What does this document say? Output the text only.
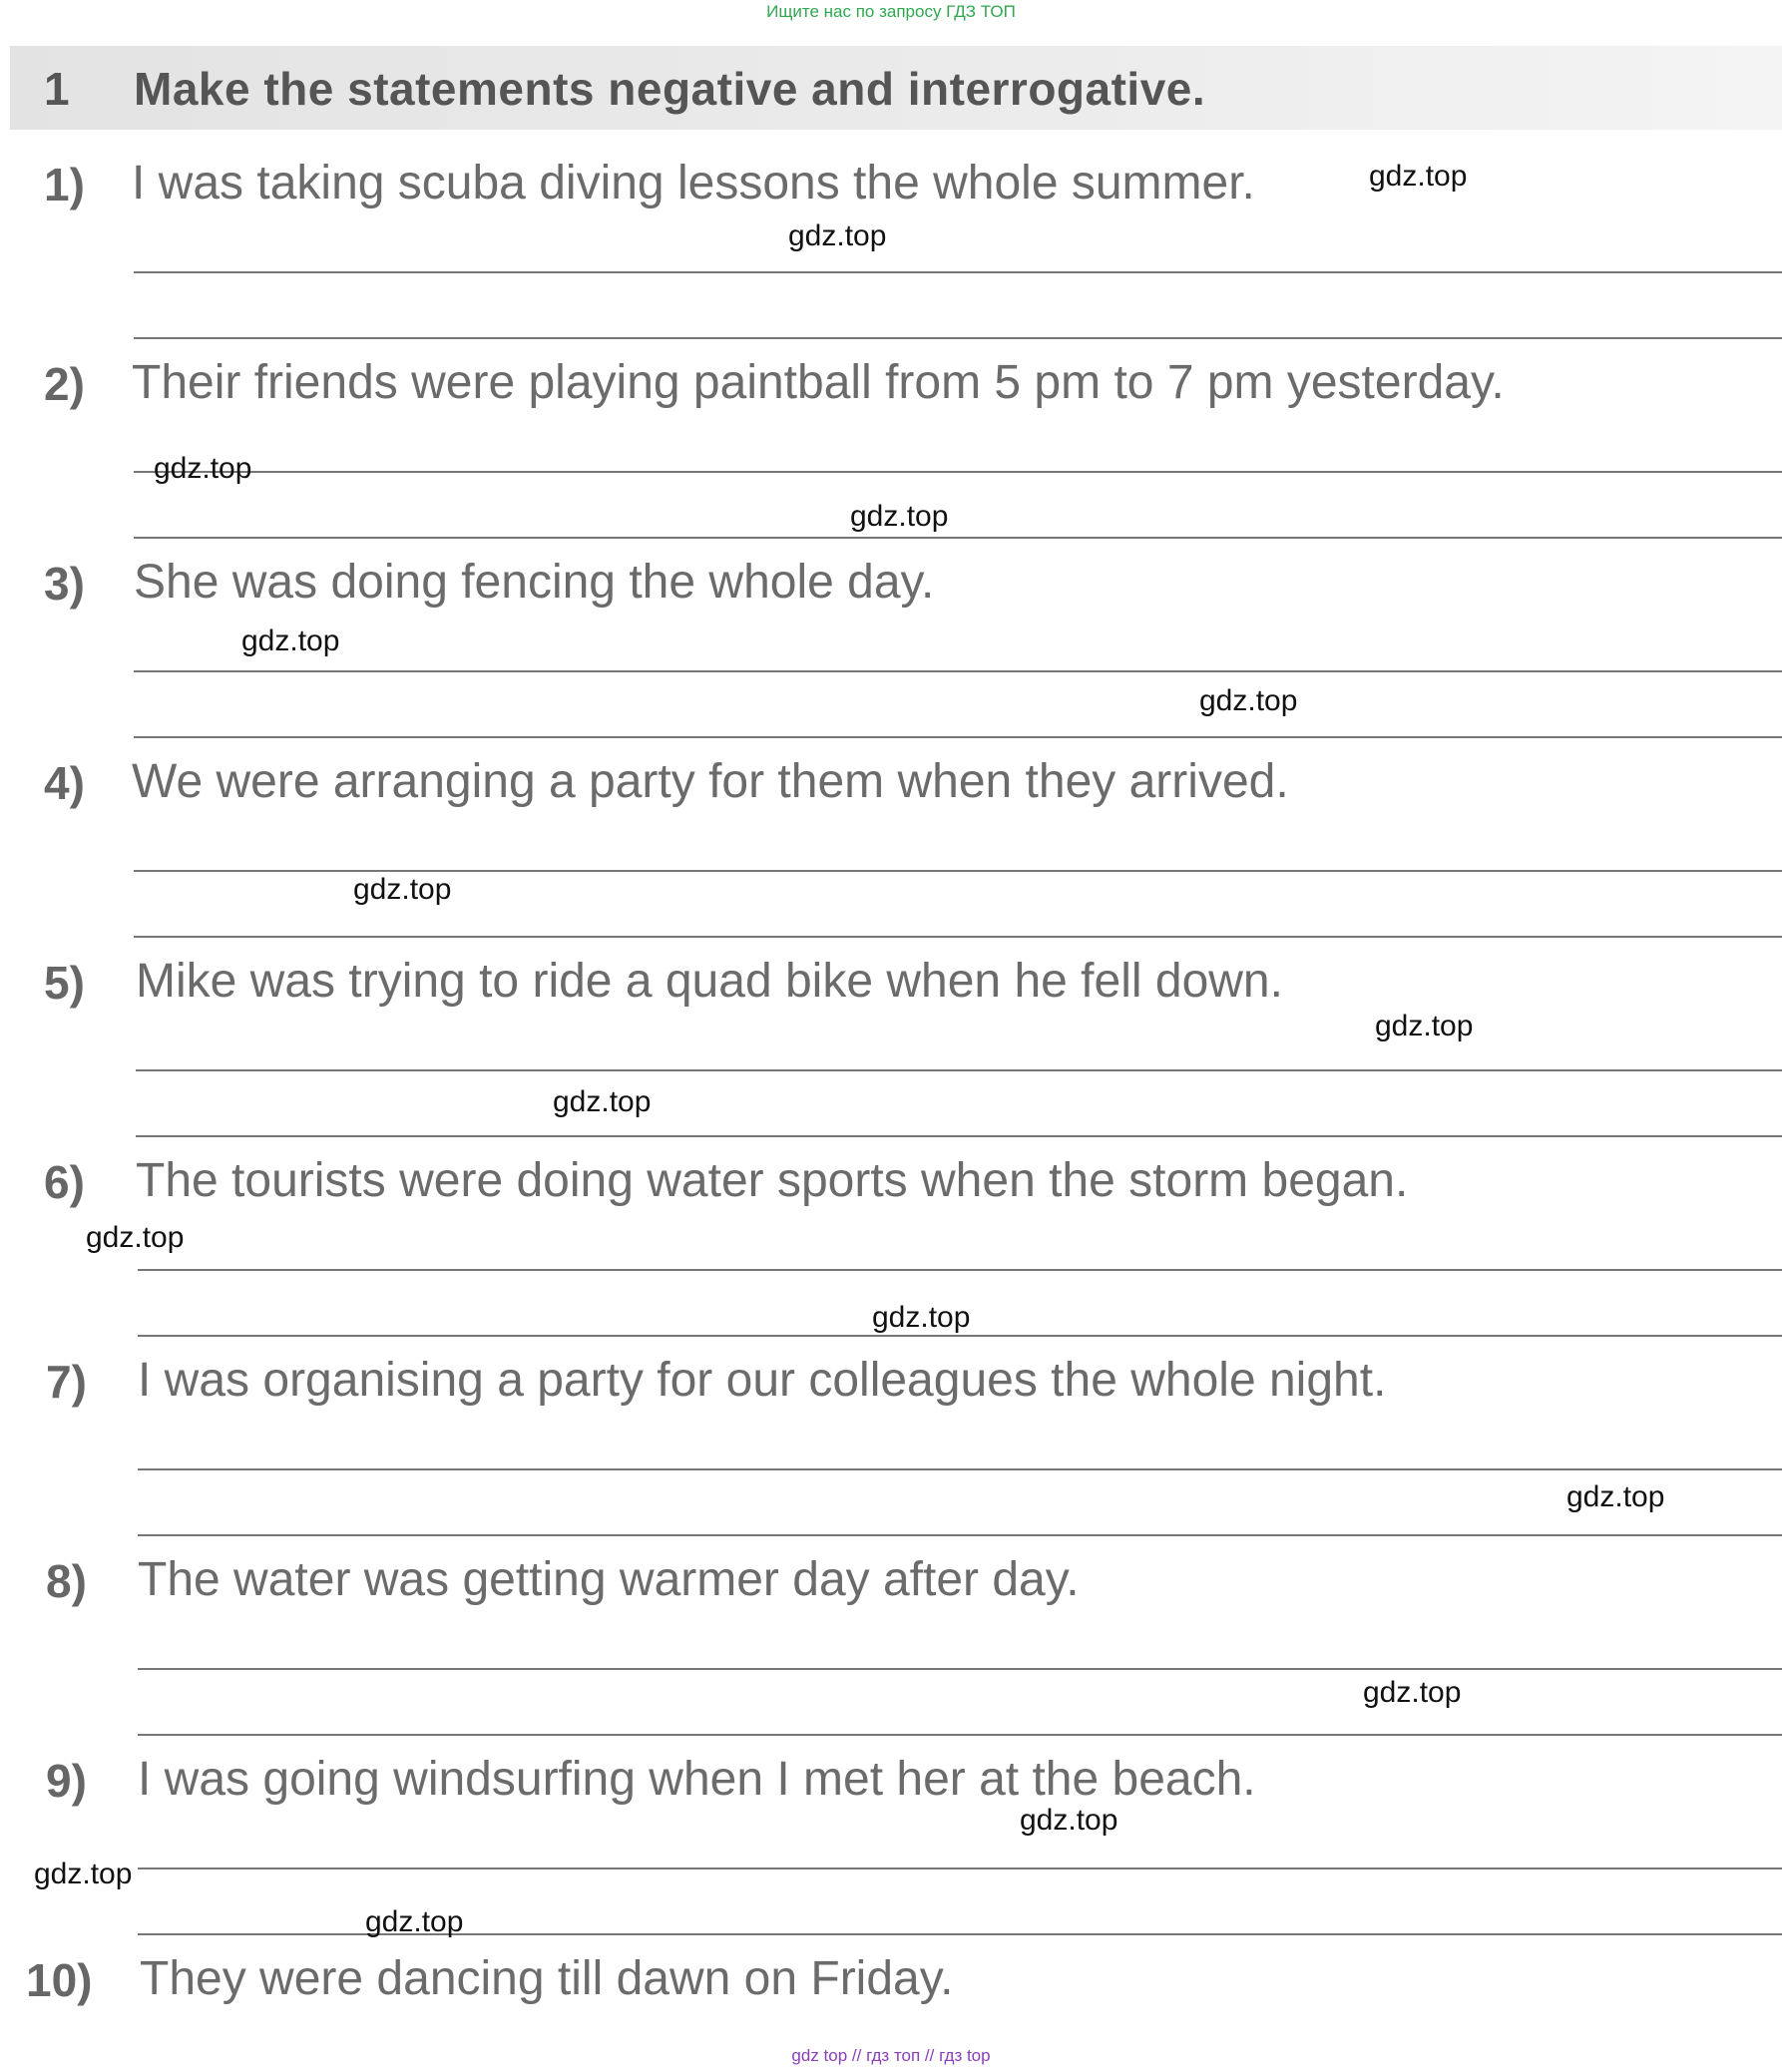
Ищите нас по запросу ГДЗ ТОП
1 Make the statements negative and interrogative.
1) I was taking scuba diving lessons the whole summer.
2) Their friends were playing paintball from 5 pm to 7 pm yesterday.
3) She was doing fencing the whole day.
4) We were arranging a party for them when they arrived.
5) Mike was trying to ride a quad bike when he fell down.
6) The tourists were doing water sports when the storm began.
7) I was organising a party for our colleagues the whole night.
8) The water was getting warmer day after day.
9) I was going windsurfing when I met her at the beach.
10) They were dancing till dawn on Friday.
gdz.top
gdz.top
gdz.top
gdz.top
gdz.top
gdz.top
gdz.top
gdz.top
gdz.top
gdz.top
gdz.top
gdz.top
gdz.top
gdz.top
gdz.top
gdz.top
gdz top // гдз топ // гдз top
